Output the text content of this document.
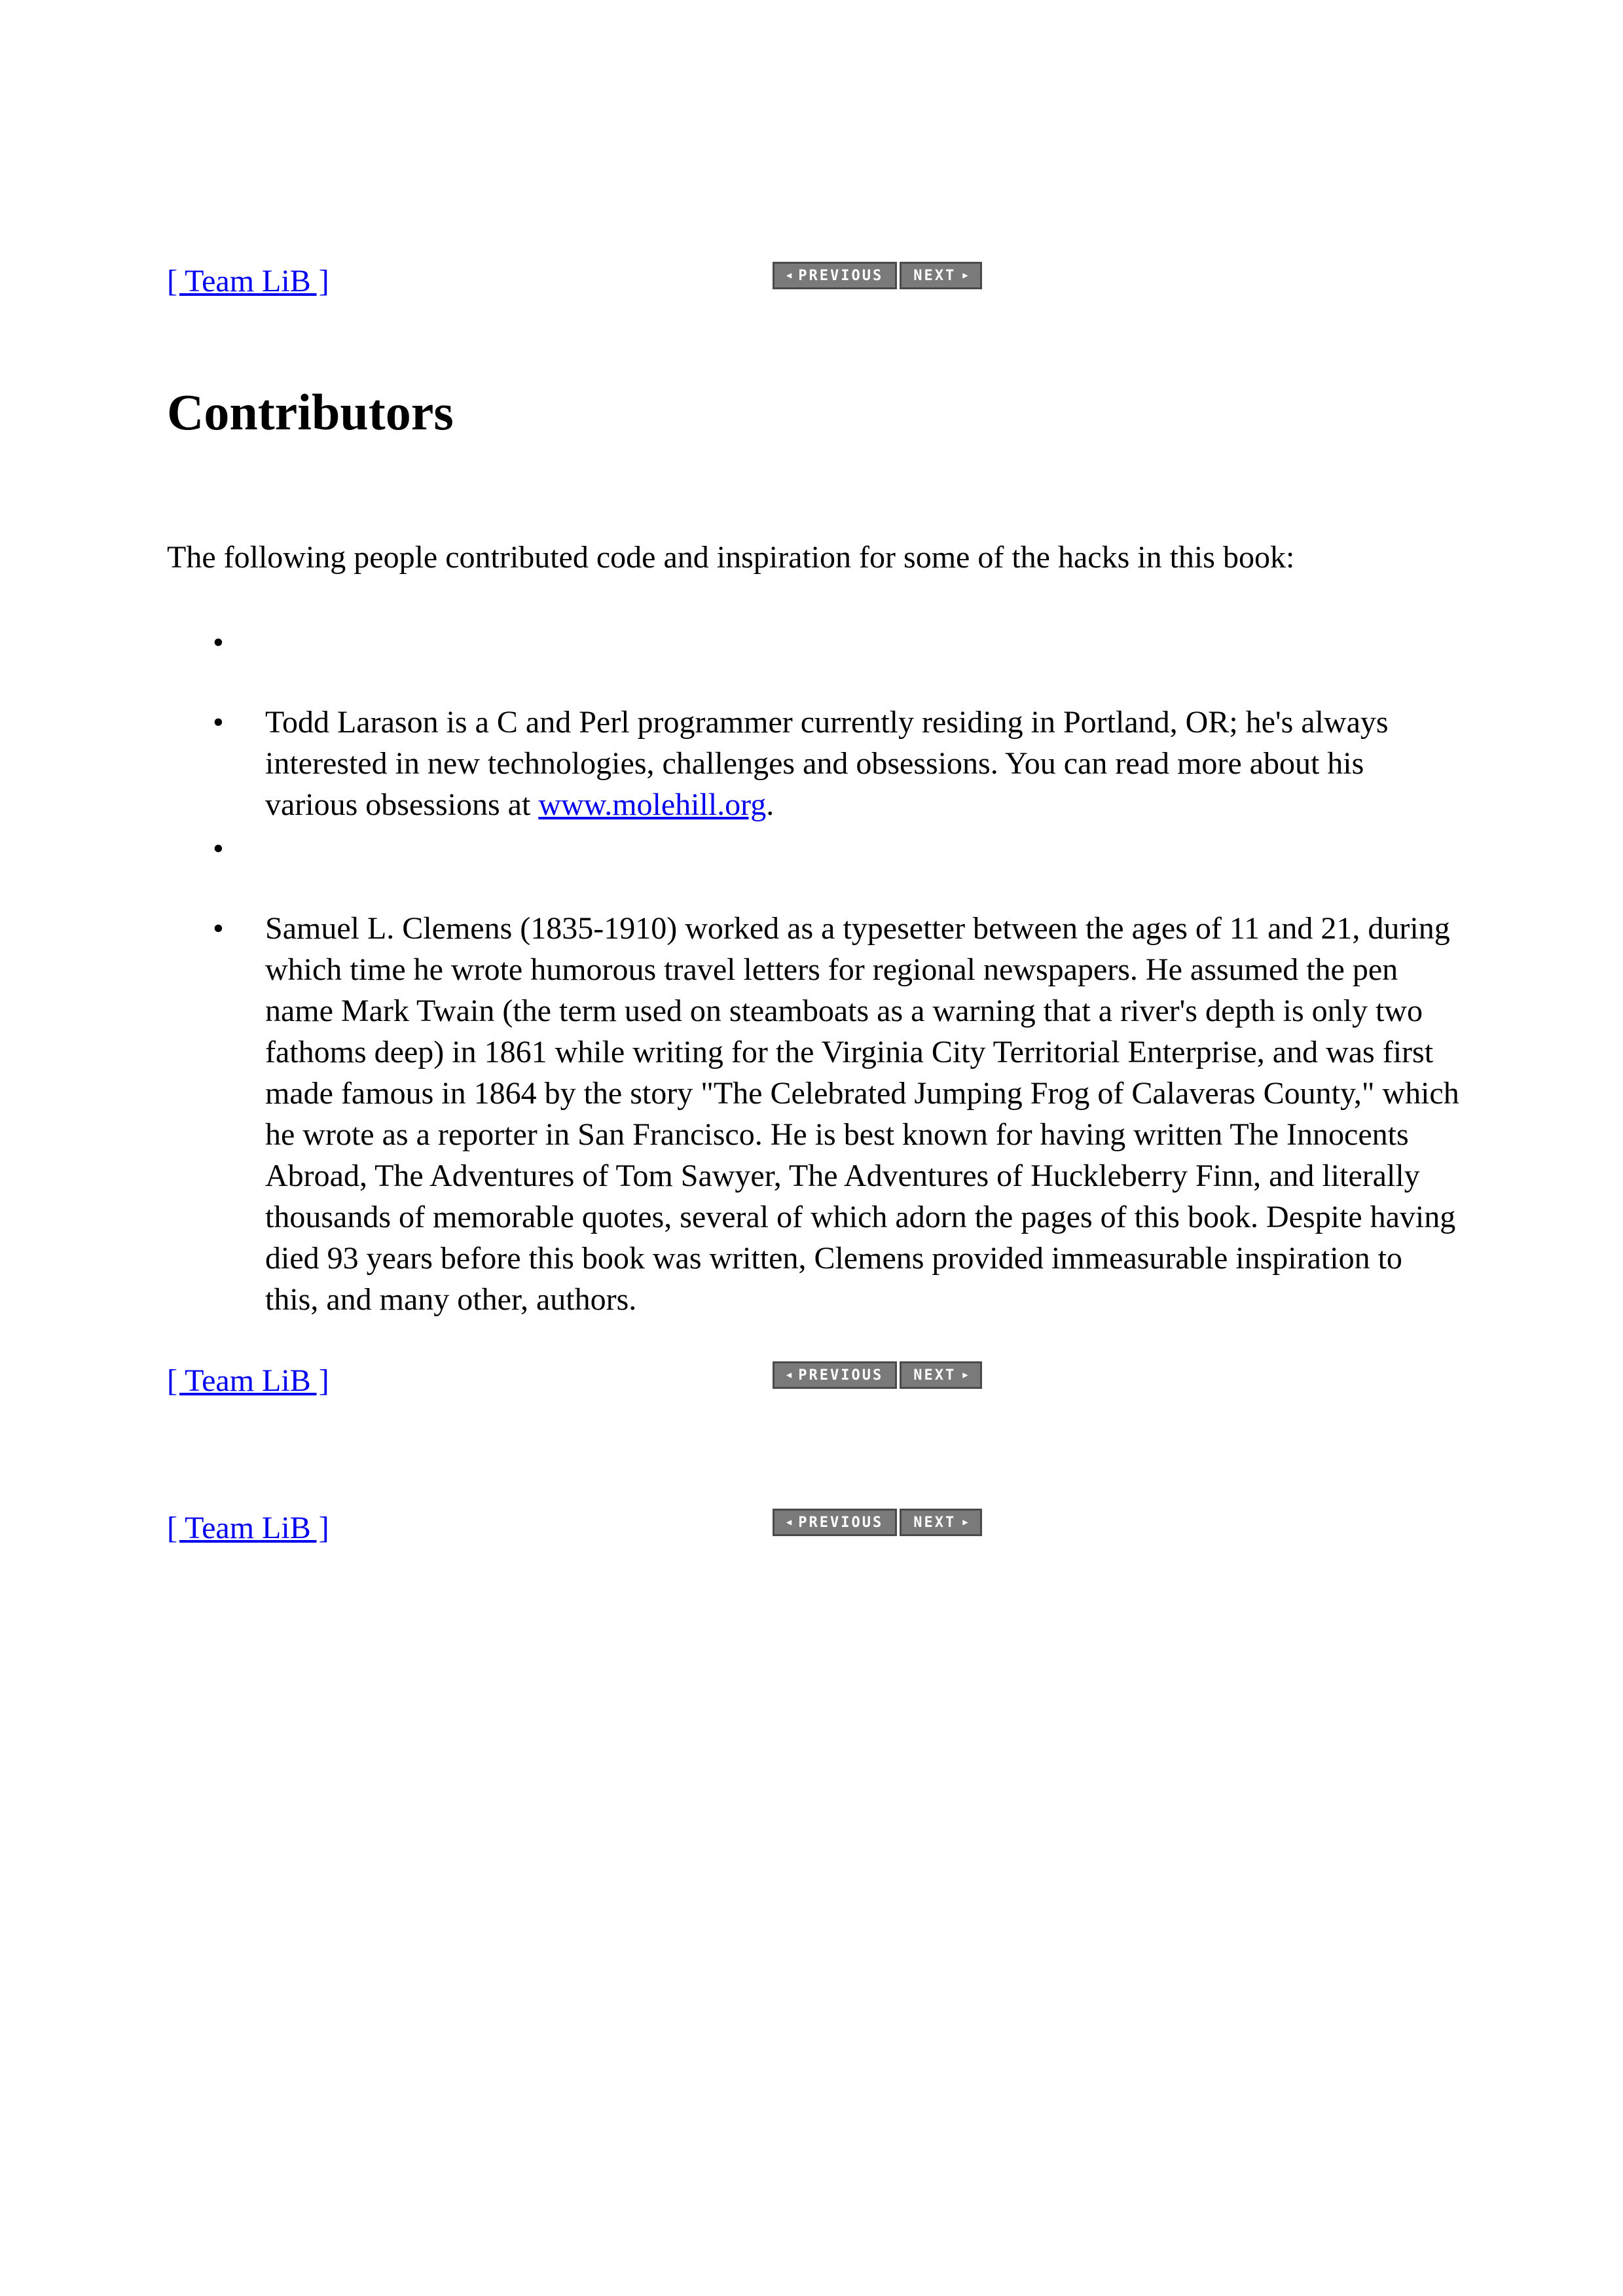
[ Team LiB ]	◀ PREVIOUS NEXT ▶
Contributors

The following people contributed code and inspiration for some of the hacks in this book:

•
• Todd Larason is a C and Perl programmer currently residing in Portland, OR; he's always interested in new technologies, challenges and obsessions. You can read more about his various obsessions at www.molehill.org.
•
• Samuel L. Clemens (1835-1910) worked as a typesetter between the ages of 11 and 21, during which time he wrote humorous travel letters for regional newspapers. He assumed the pen name Mark Twain (the term used on steamboats as a warning that a river's depth is only two fathoms deep) in 1861 while writing for the Virginia City Territorial Enterprise, and was first made famous in 1864 by the story "The Celebrated Jumping Frog of Calaveras County," which he wrote as a reporter in San Francisco. He is best known for having written The Innocents Abroad, The Adventures of Tom Sawyer, The Adventures of Huckleberry Finn, and literally thousands of memorable quotes, several of which adorn the pages of this book. Despite having died 93 years before this book was written, Clemens provided immeasurable inspiration to this, and many other, authors.
[ Team LiB ]	◀ PREVIOUS NEXT ▶
[ Team LiB ]	◀ PREVIOUS NEXT ▶
